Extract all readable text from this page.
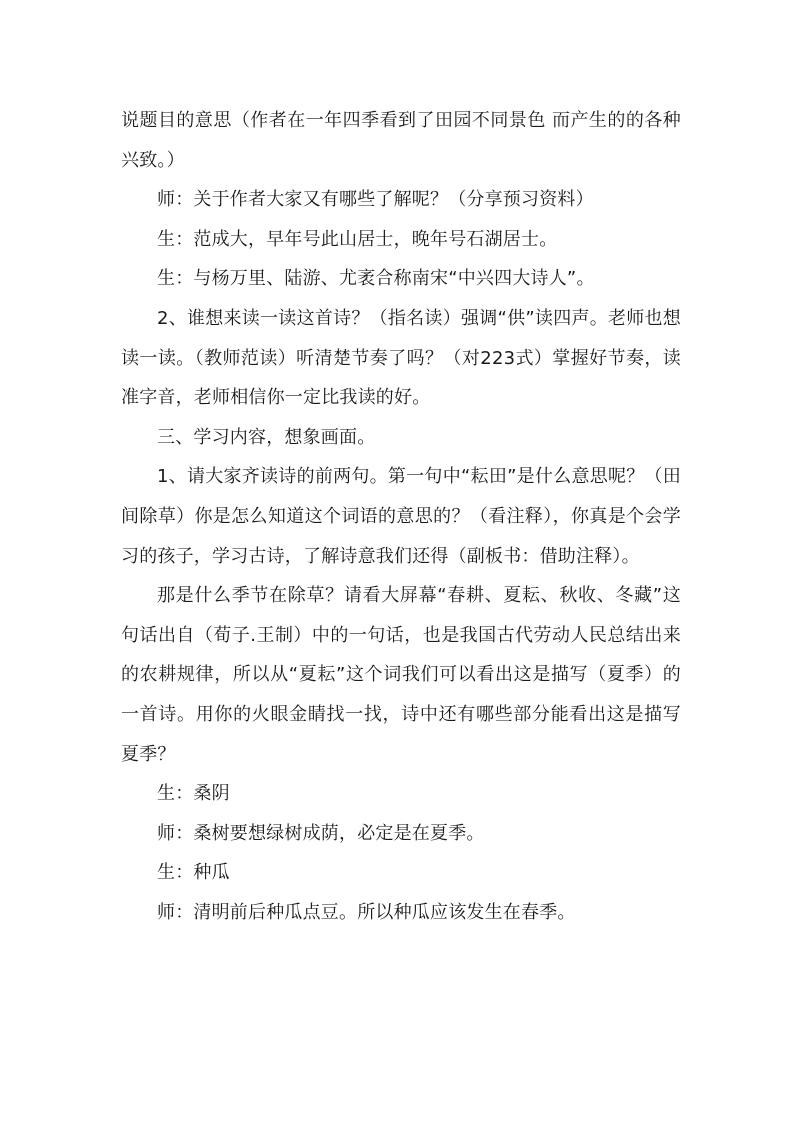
说题目的意思（作者在一年四季看到了田园不同景色 而产生的的各种兴致。）

师：关于作者大家又有哪些了解呢？（分享预习资料）

生：范成大，早年号此山居士，晚年号石湖居士。

生：与杨万里、陆游、尤袤合称南宋“中兴四大诗人”。

2、谁想来读一读这首诗？（指名读）强调“供”读四声。老师也想读一读。（教师范读）听清楚节奏了吗？（对223式）掌握好节奏，读准字音，老师相信你一定比我读的好。

三、学习内容，想象画面。

1、请大家齐读诗的前两句。第一句中“耘田”是什么意思呢？（田间除草）你是怎么知道这个词语的意思的？（看注释），你真是个会学习的孩子，学习古诗，了解诗意我们还得（副板书：借助注释）。

那是什么季节在除草？请看大屏幕“春耕、夏耘、秋收、冬藏”这句话出自（荀子.王制）中的一句话，也是我国古代劳动人民总结出来的农耕规律，所以从“夏耘”这个词我们可以看出这是描写（夏季）的一首诗。用你的火眼金睛找一找，诗中还有哪些部分能看出这是描写夏季？

生：桑阴

师：桑树要想绿树成荫，必定是在夏季。

生：种瓜

师：清明前后种瓜点豆。所以种瓜应该发生在春季。
